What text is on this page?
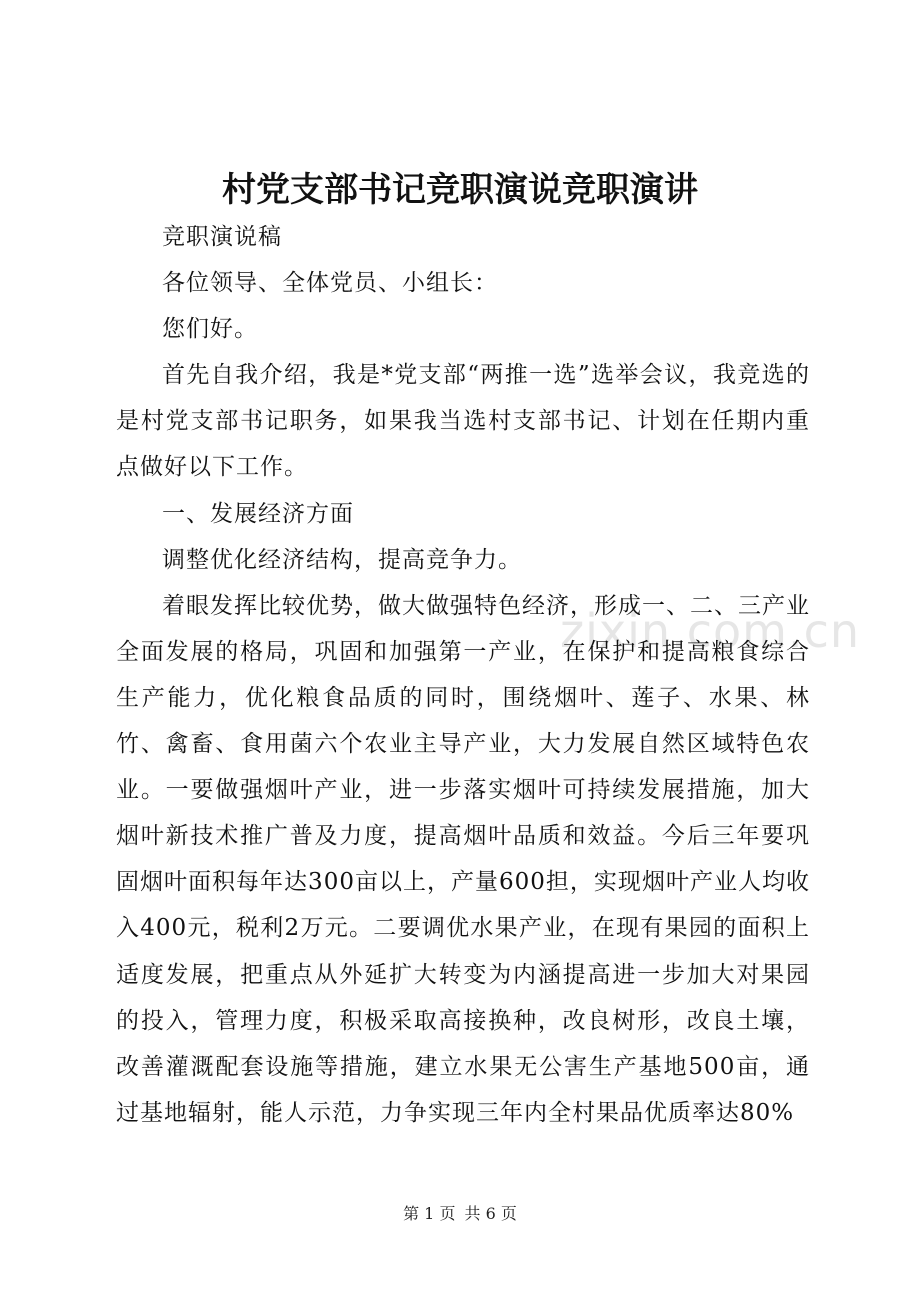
zixin.com.cn
村党支部书记竞职演说竞职演讲

竞职演说稿

各位领导、全体党员、小组长：

您们好。

首先自我介绍，我是*党支部“两推一选”选举会议，我竞选的是村党支部书记职务，如果我当选村支部书记、计划在任期内重点做好以下工作。

一、发展经济方面

调整优化经济结构，提高竞争力。

着眼发挥比较优势，做大做强特色经济，形成一、二、三产业全面发展的格局，巩固和加强第一产业，在保护和提高粮食综合生产能力，优化粮食品质的同时，围绕烟叶、莲子、水果、林竹、禽畜、食用菌六个农业主导产业，大力发展自然区域特色农业。一要做强烟叶产业，进一步落实烟叶可持续发展措施，加大烟叶新技术推广普及力度，提高烟叶品质和效益。今后三年要巩固烟叶面积每年达300亩以上，产量600担，实现烟叶产业人均收入400元，税利2万元。二要调优水果产业，在现有果园的面积上适度发展，把重点从外延扩大转变为内涵提高进一步加大对果园的投入，管理力度，积极采取高接换种，改良树形，改良土壤，改善灌溉配套设施等措施，建立水果无公害生产基地500亩，通过基地辐射，能人示范，力争实现三年内全村果品优质率达80%

第 1 页 共 6 页
